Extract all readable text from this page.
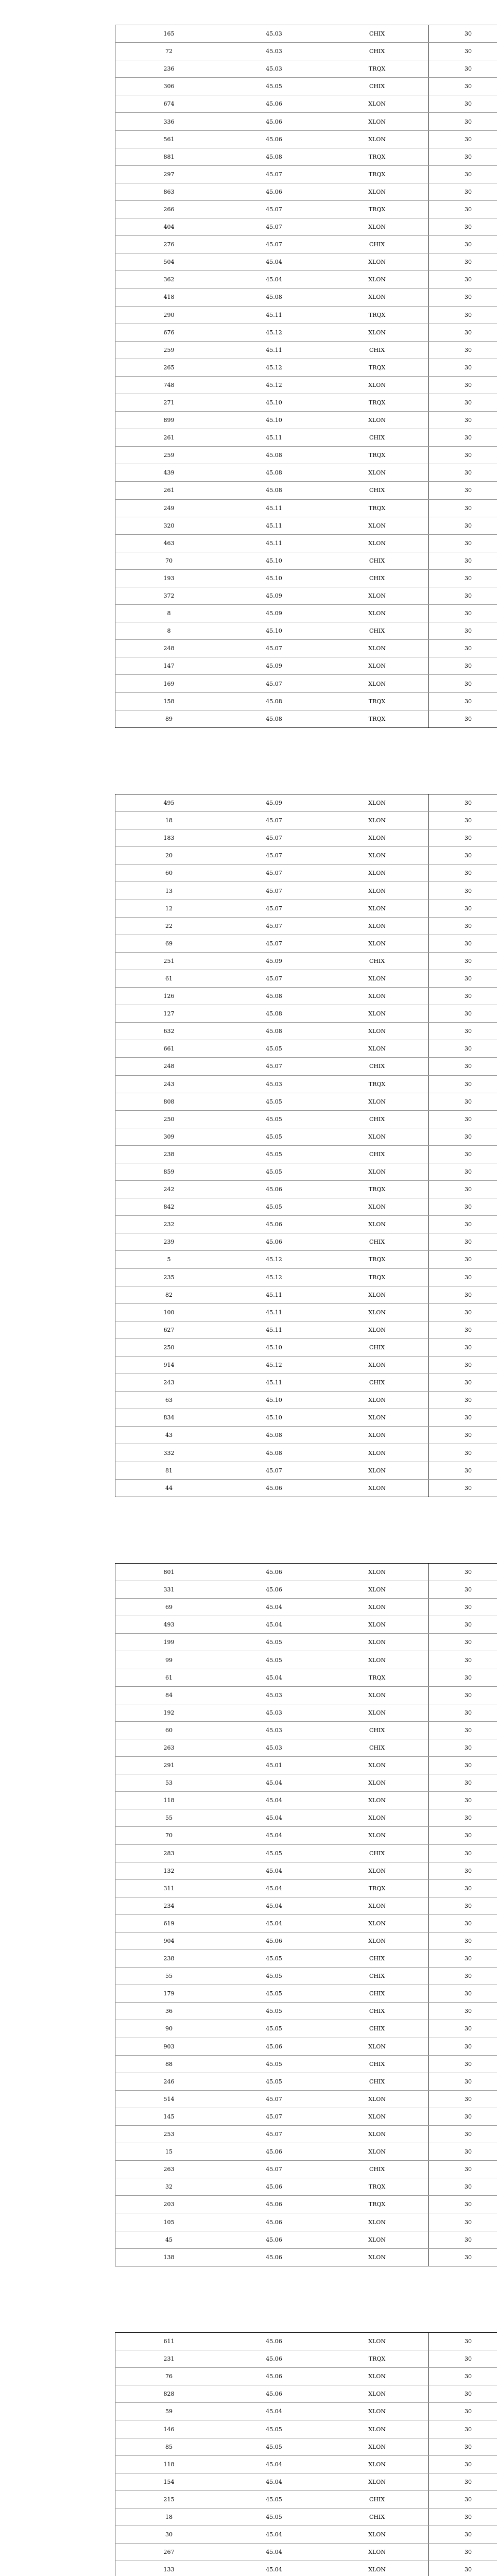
165	45.03	CHIX	30
72	45.03	CHIX	30
236	45.03	TRQX	30
306	45.05	CHIX	30
674	45.06	XLON	30
336	45.06	XLON	30
561	45.06	XLON	30
881	45.08	TRQX	30
297	45.07	TRQX	30
863	45.06	XLON	30
266	45.07	TRQX	30
404	45.07	XLON	30
276	45.07	CHIX	30
504	45.04	XLON	30
362	45.04	XLON	30
418	45.08	XLON	30
290	45.11	TRQX	30
676	45.12	XLON	30
259	45.11	CHIX	30
265	45.12	TRQX	30
748	45.12	XLON	30
271	45.10	TRQX	30
899	45.10	XLON	30
261	45.11	CHIX	30
259	45.08	TRQX	30
439	45.08	XLON	30
261	45.08	CHIX	30
249	45.11	TRQX	30
320	45.11	XLON	30
463	45.11	XLON	30
70	45.10	CHIX	30
193	45.10	CHIX	30
372	45.09	XLON	30
8	45.09	XLON	30
8	45.10	CHIX	30
248	45.07	XLON	30
147	45.09	XLON	30
169	45.07	XLON	30
158	45.08	TRQX	30
89	45.08	TRQX	30
495	45.09	XLON	30
18	45.07	XLON	30
183	45.07	XLON	30
20	45.07	XLON	30
60	45.07	XLON	30
13	45.07	XLON	30
12	45.07	XLON	30
22	45.07	XLON	30
69	45.07	XLON	30
251	45.09	CHIX	30
61	45.07	XLON	30
126	45.08	XLON	30
127	45.08	XLON	30
632	45.08	XLON	30
661	45.05	XLON	30
248	45.07	CHIX	30
243	45.03	TRQX	30
808	45.05	XLON	30
250	45.05	CHIX	30
309	45.05	XLON	30
238	45.05	CHIX	30
859	45.05	XLON	30
242	45.06	TRQX	30
842	45.05	XLON	30
232	45.06	XLON	30
239	45.06	CHIX	30
5	45.12	TRQX	30
235	45.12	TRQX	30
82	45.11	XLON	30
100	45.11	XLON	30
627	45.11	XLON	30
250	45.10	CHIX	30
914	45.12	XLON	30
243	45.11	CHIX	30
63	45.10	XLON	30
834	45.10	XLON	30
43	45.08	XLON	30
332	45.08	XLON	30
81	45.07	XLON	30
44	45.06	XLON	30
801	45.06	XLON	30
331	45.06	XLON	30
69	45.04	XLON	30
493	45.04	XLON	30
199	45.05	XLON	30
99	45.05	XLON	30
61	45.04	TRQX	30
84	45.03	XLON	30
192	45.03	XLON	30
60	45.03	CHIX	30
263	45.03	CHIX	30
291	45.01	XLON	30
53	45.04	XLON	30
118	45.04	XLON	30
55	45.04	XLON	30
70	45.04	XLON	30
283	45.05	CHIX	30
132	45.04	XLON	30
311	45.04	TRQX	30
234	45.04	XLON	30
619	45.04	XLON	30
904	45.06	XLON	30
238	45.05	CHIX	30
55	45.05	CHIX	30
179	45.05	CHIX	30
36	45.05	CHIX	30
90	45.05	CHIX	30
903	45.06	XLON	30
88	45.05	CHIX	30
246	45.05	CHIX	30
514	45.07	XLON	30
145	45.07	XLON	30
253	45.07	XLON	30
15	45.06	XLON	30
263	45.07	CHIX	30
32	45.06	TRQX	30
203	45.06	TRQX	30
105	45.06	XLON	30
45	45.06	XLON	30
138	45.06	XLON	30
611	45.06	XLON	30
231	45.06	TRQX	30
76	45.06	XLON	30
828	45.06	XLON	30
59	45.04	XLON	30
146	45.05	XLON	30
85	45.05	XLON	30
118	45.04	XLON	30
154	45.04	XLON	30
215	45.05	CHIX	30
18	45.05	CHIX	30
30	45.04	XLON	30
267	45.04	XLON	30
133	45.04	XLON	30
